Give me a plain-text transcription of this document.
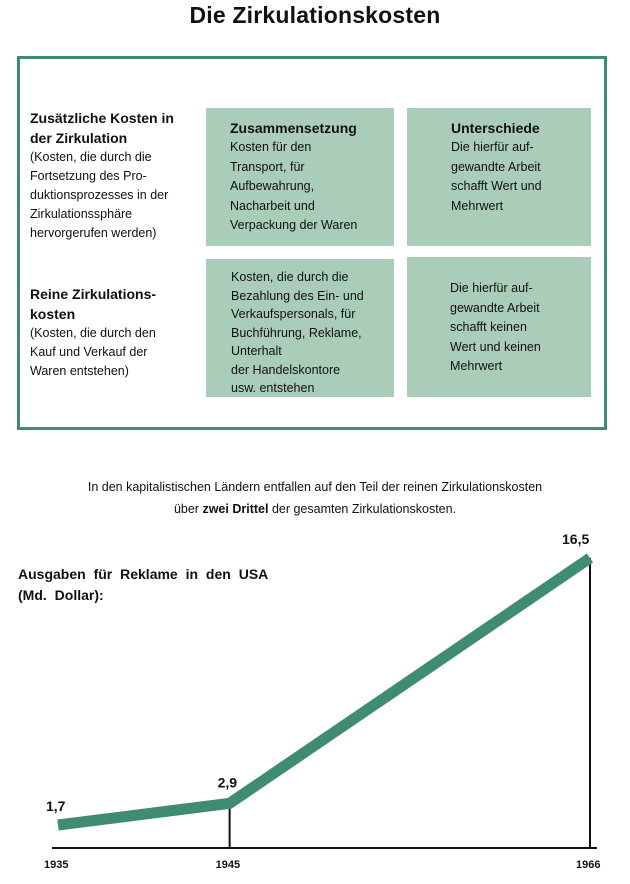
Die Zirkulationskosten
Zusätzliche Kosten in
der Zirkulation
(Kosten, die durch die
Fortsetzung des Pro-
duktionsprozesses in der
Zirkulationssphäre
hervorgerufen werden)
Zusammensetzung
Kosten für den
Transport, für
Aufbewahrung,
Nacharbeit und
Verpackung der Waren
Unterschiede
Die hierfür auf-
gewandte Arbeit
schafft Wert und
Mehrwert
Reine Zirkulations-
kosten
(Kosten, die durch den
Kauf und Verkauf der
Waren entstehen)
Kosten, die durch die
Bezahlung des Ein- und
Verkaufspersonals, für
Buchführung, Reklame,
Unterhalt
der Handelskontore
usw. entstehen
Die hierfür auf-
gewandte Arbeit
schafft keinen
Wert und keinen
Mehrwert
In den kapitalistischen Ländern entfallen auf den Teil der reinen Zirkulationskosten
über zwei Drittel der gesamten Zirkulationskosten.
Ausgaben für Reklame in den USA
(Md. Dollar):
1,7
2,9
16,5
1935	1945	1966
